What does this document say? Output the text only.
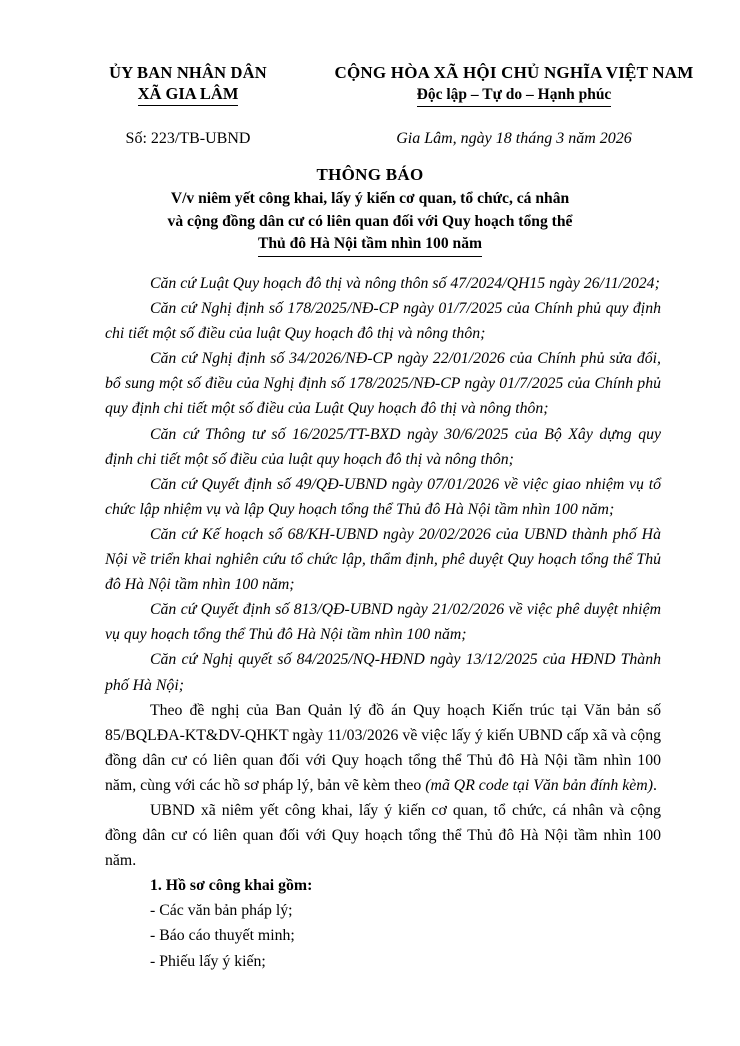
ỦY BAN NHÂN DÂN
XÃ GIA LÂM
CỘNG HÒA XÃ HỘI CHỦ NGHĨA VIỆT NAM
Độc lập – Tự do – Hạnh phúc
Số: 223/TB-UBND	Gia Lâm, ngày 18 tháng 3 năm 2026
THÔNG BÁO
V/v niêm yết công khai, lấy ý kiến cơ quan, tổ chức, cá nhân
và cộng đồng dân cư có liên quan đối với Quy hoạch tổng thể
Thủ đô Hà Nội tầm nhìn 100 năm

Căn cứ Luật Quy hoạch đô thị và nông thôn số 47/2024/QH15 ngày 26/11/2024;

Căn cứ Nghị định số 178/2025/NĐ-CP ngày 01/7/2025 của Chính phủ quy định chi tiết một số điều của luật Quy hoạch đô thị và nông thôn;

Căn cứ Nghị định số 34/2026/NĐ-CP ngày 22/01/2026 của Chính phủ sửa đổi, bổ sung một số điều của Nghị định số 178/2025/NĐ-CP ngày 01/7/2025 của Chính phủ quy định chi tiết một số điều của Luật Quy hoạch đô thị và nông thôn;

Căn cứ Thông tư số 16/2025/TT-BXD ngày 30/6/2025 của Bộ Xây dựng quy định chi tiết một số điều của luật quy hoạch đô thị và nông thôn;

Căn cứ Quyết định số 49/QĐ-UBND ngày 07/01/2026 về việc giao nhiệm vụ tổ chức lập nhiệm vụ và lập Quy hoạch tổng thể Thủ đô Hà Nội tầm nhìn 100 năm;

Căn cứ Kế hoạch số 68/KH-UBND ngày 20/02/2026 của UBND thành phố Hà Nội về triển khai nghiên cứu tổ chức lập, thẩm định, phê duyệt Quy hoạch tổng thể Thủ đô Hà Nội tầm nhìn 100 năm;

Căn cứ Quyết định số 813/QĐ-UBND ngày 21/02/2026 về việc phê duyệt nhiệm vụ quy hoạch tổng thể Thủ đô Hà Nội tầm nhìn 100 năm;

Căn cứ Nghị quyết số 84/2025/NQ-HĐND ngày 13/12/2025 của HĐND Thành phố Hà Nội;

Theo đề nghị của Ban Quản lý đồ án Quy hoạch Kiến trúc tại Văn bản số 85/BQLĐA-KT&DV-QHKT ngày 11/03/2026 về việc lấy ý kiến UBND cấp xã và cộng đồng dân cư có liên quan đối với Quy hoạch tổng thể Thủ đô Hà Nội tầm nhìn 100 năm, cùng với các hồ sơ pháp lý, bản vẽ kèm theo (mã QR code tại Văn bản đính kèm).

UBND xã niêm yết công khai, lấy ý kiến cơ quan, tổ chức, cá nhân và cộng đồng dân cư có liên quan đối với Quy hoạch tổng thể Thủ đô Hà Nội tầm nhìn 100 năm.

1. Hồ sơ công khai gồm:

- Các văn bản pháp lý;

- Báo cáo thuyết minh;

- Phiếu lấy ý kiến;
